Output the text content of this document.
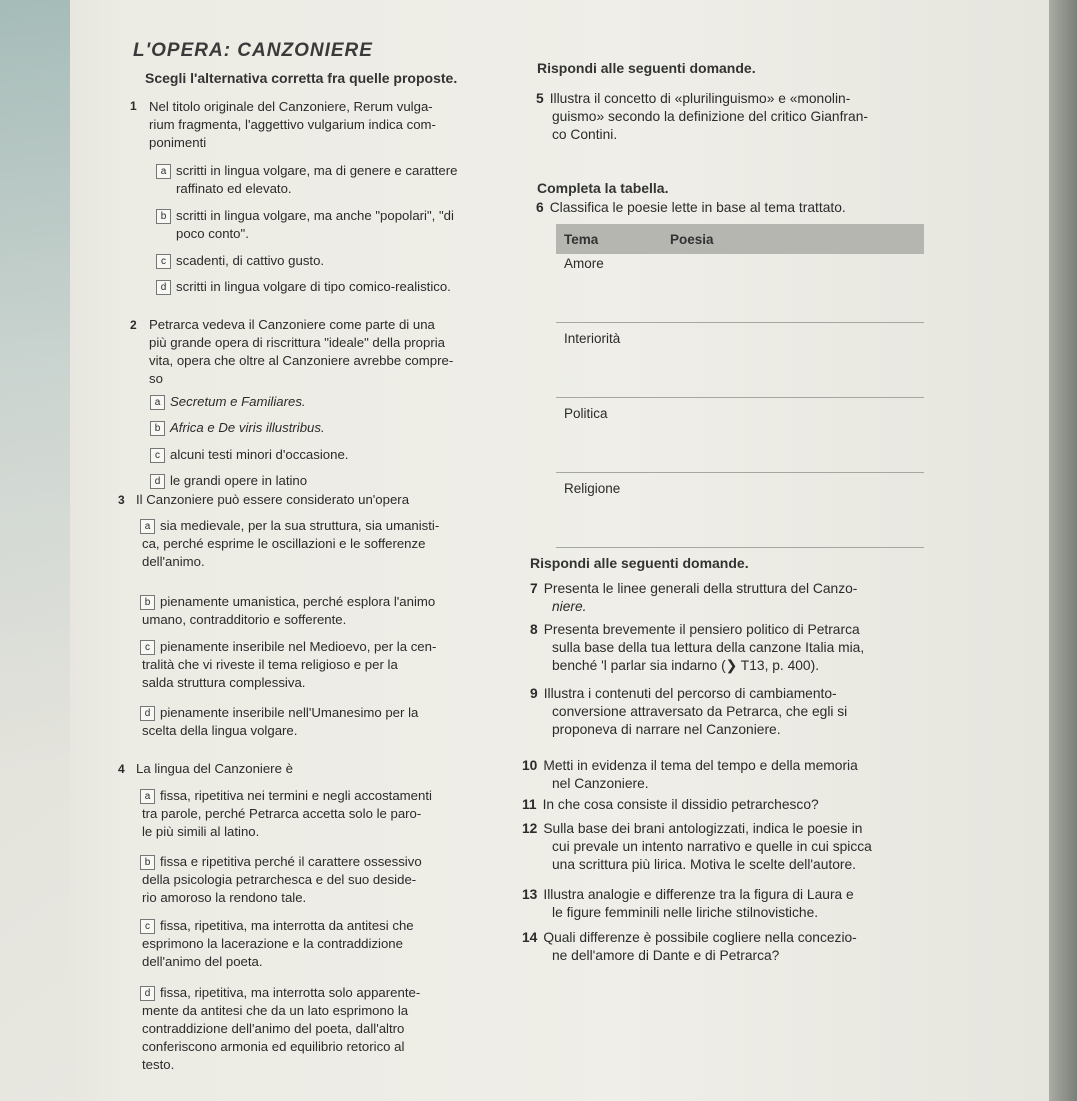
L'OPERA: CANZONIERE
Scegli l'alternativa corretta fra quelle proposte.
1 Nel titolo originale del Canzoniere, Rerum vulga-
rium fragmenta, l'aggettivo vulgarium indica com-
ponimenti
a scritti in lingua volgare, ma di genere e carattere
raffinato ed elevato.
b scritti in lingua volgare, ma anche "popolari", "di
poco conto".
c scadenti, di cattivo gusto.
d scritti in lingua volgare di tipo comico-realistico.
2 Petrarca vedeva il Canzoniere come parte di una
più grande opera di riscrittura "ideale" della propria
vita, opera che oltre al Canzoniere avrebbe compre-
so
a Secretum e Familiares.
b Africa e De viris illustribus.
c alcuni testi minori d'occasione.
d le grandi opere in latino
3 Il Canzoniere può essere considerato un'opera
a sia medievale, per la sua struttura, sia umanisti-
ca, perché esprime le oscillazioni e le sofferenze
dell'animo.
b pienamente umanistica, perché esplora l'animo
umano, contradditorio e sofferente.
c pienamente inseribile nel Medioevo, per la cen-
tralità che vi riveste il tema religioso e per la
salda struttura complessiva.
d pienamente inseribile nell'Umanesimo per la
scelta della lingua volgare.
4 La lingua del Canzoniere è
a fissa, ripetitiva nei termini e negli accostamenti
tra parole, perché Petrarca accetta solo le paro-
le più simili al latino.
b fissa e ripetitiva perché il carattere ossessivo
della psicologia petrarchesca e del suo deside-
rio amoroso la rendono tale.
c fissa, ripetitiva, ma interrotta da antitesi che
esprimono la lacerazione e la contraddizione
dell'animo del poeta.
d fissa, ripetitiva, ma interrotta solo apparente-
mente da antitesi che da un lato esprimono la
contraddizione dell'animo del poeta, dall'altro
conferiscono armonia ed equilibrio retorico al
testo.
Rispondi alle seguenti domande.
5 Illustra il concetto di «plurilinguismo» e «monolin-
guismo» secondo la definizione del critico Gianfran-
co Contini.
Completa la tabella.
6 Classifica le poesie lette in base al tema trattato.
Tema	Poesia
Amore	
Interiorità	
Politica	
Religione	
Rispondi alle seguenti domande.
7 Presenta le linee generali della struttura del Canzo-
niere.
8 Presenta brevemente il pensiero politico di Petrarca
sulla base della tua lettura della canzone Italia mia,
benché 'l parlar sia indarno (❯ T13, p. 400).
9 Illustra i contenuti del percorso di cambiamento-
conversione attraversato da Petrarca, che egli si
proponeva di narrare nel Canzoniere.
10 Metti in evidenza il tema del tempo e della memoria
nel Canzoniere.
11 In che cosa consiste il dissidio petrarchesco?
12 Sulla base dei brani antologizzati, indica le poesie in
cui prevale un intento narrativo e quelle in cui spicca
una scrittura più lirica. Motiva le scelte dell'autore.
13 Illustra analogie e differenze tra la figura di Laura e
le figure femminili nelle liriche stilnovistiche.
14 Quali differenze è possibile cogliere nella concezio-
ne dell'amore di Dante e di Petrarca?
